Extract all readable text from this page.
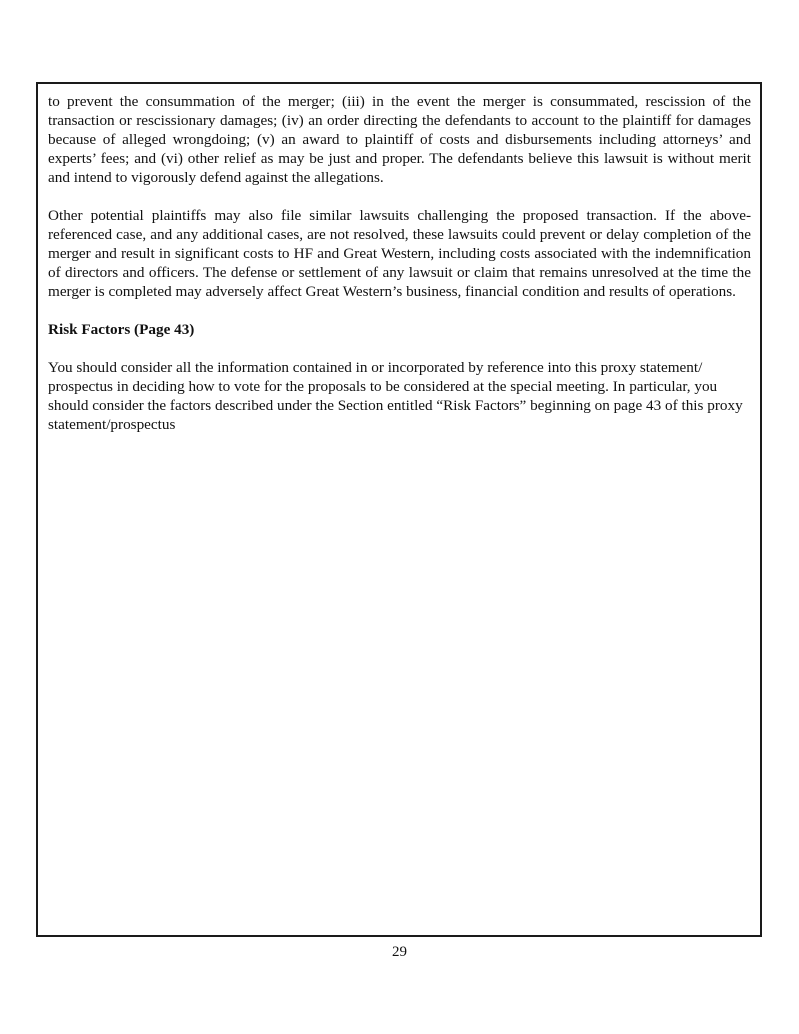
to prevent the consummation of the merger; (iii) in the event the merger is consummated, rescission of the transaction or rescissionary damages; (iv) an order directing the defendants to account to the plaintiff for damages because of alleged wrongdoing; (v) an award to plaintiff of costs and disbursements including attorneys’ and experts’ fees; and (vi) other relief as may be just and proper. The defendants believe this lawsuit is without merit and intend to vigorously defend against the allegations.

Other potential plaintiffs may also file similar lawsuits challenging the proposed transaction. If the above-referenced case, and any additional cases, are not resolved, these lawsuits could prevent or delay completion of the merger and result in significant costs to HF and Great Western, including costs associated with the indemnification of directors and officers. The defense or settlement of any lawsuit or claim that remains unresolved at the time the merger is completed may adversely affect Great Western’s business, financial condition and results of operations.

Risk Factors (Page 43)

You should consider all the information contained in or incorporated by reference into this proxy statement/ prospectus in deciding how to vote for the proposals to be considered at the special meeting. In particular, you should consider the factors described under the Section entitled “Risk Factors” beginning on page 43 of this proxy statement/prospectus

29
